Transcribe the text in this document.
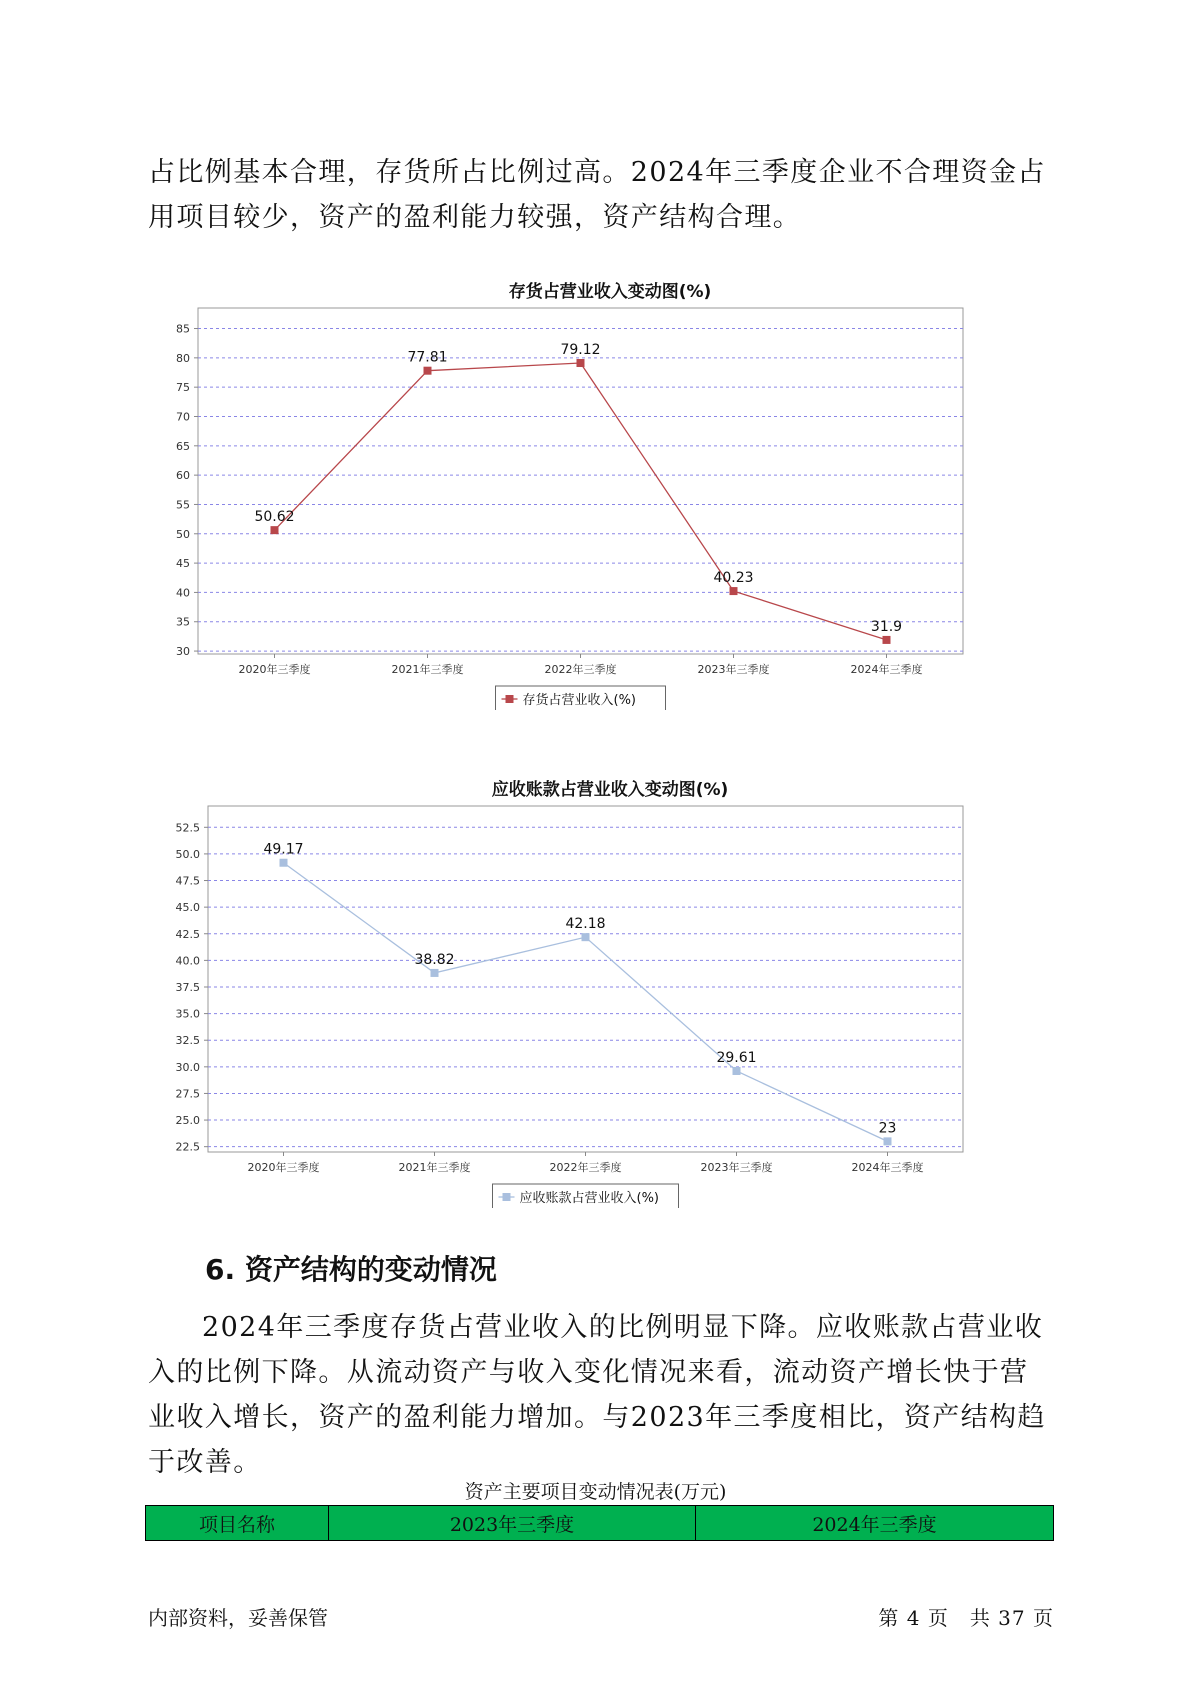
占比例基本合理，存货所占比例过高。2024年三季度企业不合理资金占用项目较少，资产的盈利能力较强，资产结构合理。

存货占营业收入变动图(%)
30
35
40
45
50
55
60
65
70
75
80
85
2020年三季度	2021年三季度	2022年三季度	2023年三季度	2024年三季度
50.62
77.81	79.12
40.23
31.9
存货占营业收入(%)
应收账款占营业收入变动图(%)
22.5
25.0
27.5
30.0
32.5
35.0
37.5
40.0
42.5
45.0
47.5
50.0
52.5
2020年三季度	2021年三季度	2022年三季度	2023年三季度	2024年三季度
49.17
38.82
42.18
29.61
23
应收账款占营业收入(%)
6. 资产结构的变动情况

2024年三季度存货占营业收入的比例明显下降。应收账款占营业收入的比例下降。从流动资产与收入变化情况来看，流动资产增长快于营业收入增长，资产的盈利能力增加。与2023年三季度相比，资产结构趋于改善。

资产主要项目变动情况表(万元)
项目名称	2023年三季度	2024年三季度
内部资料，妥善保管	第 4 页　共 37 页
